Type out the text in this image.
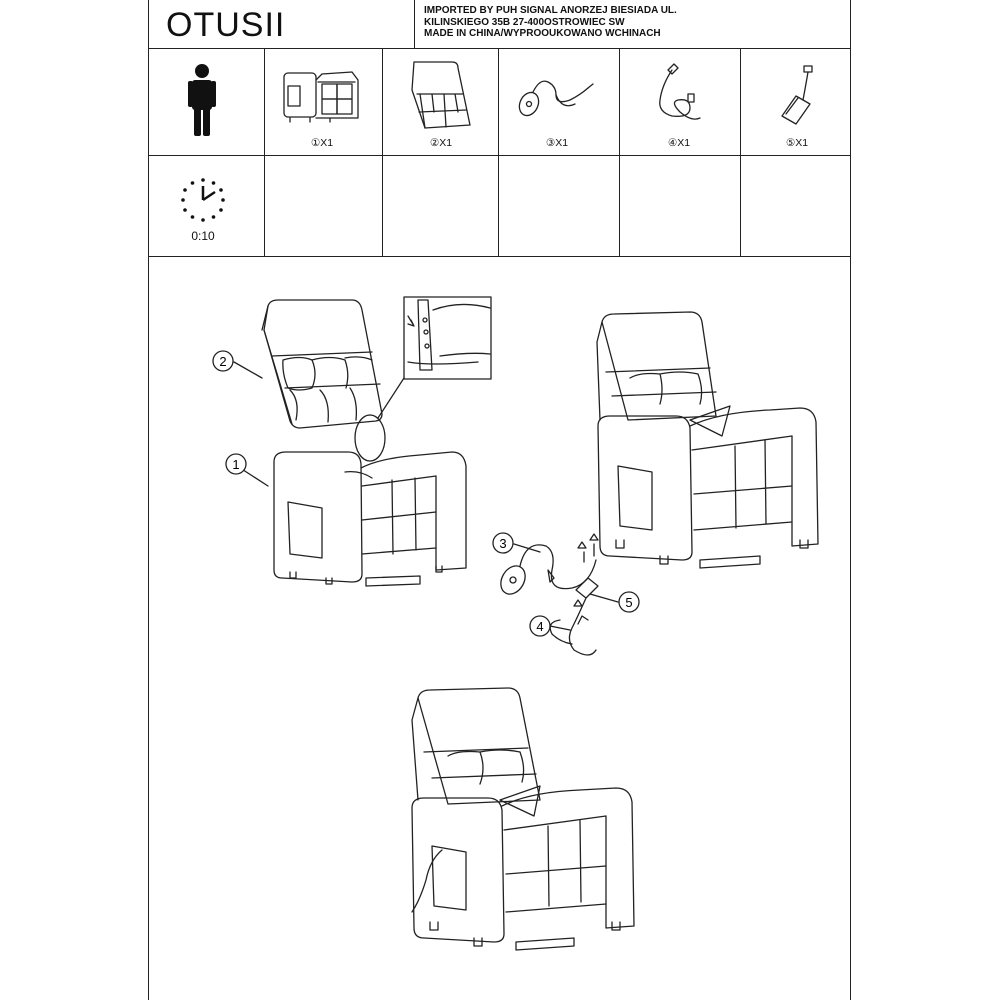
OTUSII	IMPORTED BY PUH SIGNAL ANORZEJ BIESIADA UL.
KILINSKIEGO 35B 27-400OSTROWIEC SW
MADE IN CHINA/WYPROOUKOWANO WCHINACH
①X1	②X1	③X1	④X1	⑤X1
0:10
2
1
3
5
4
